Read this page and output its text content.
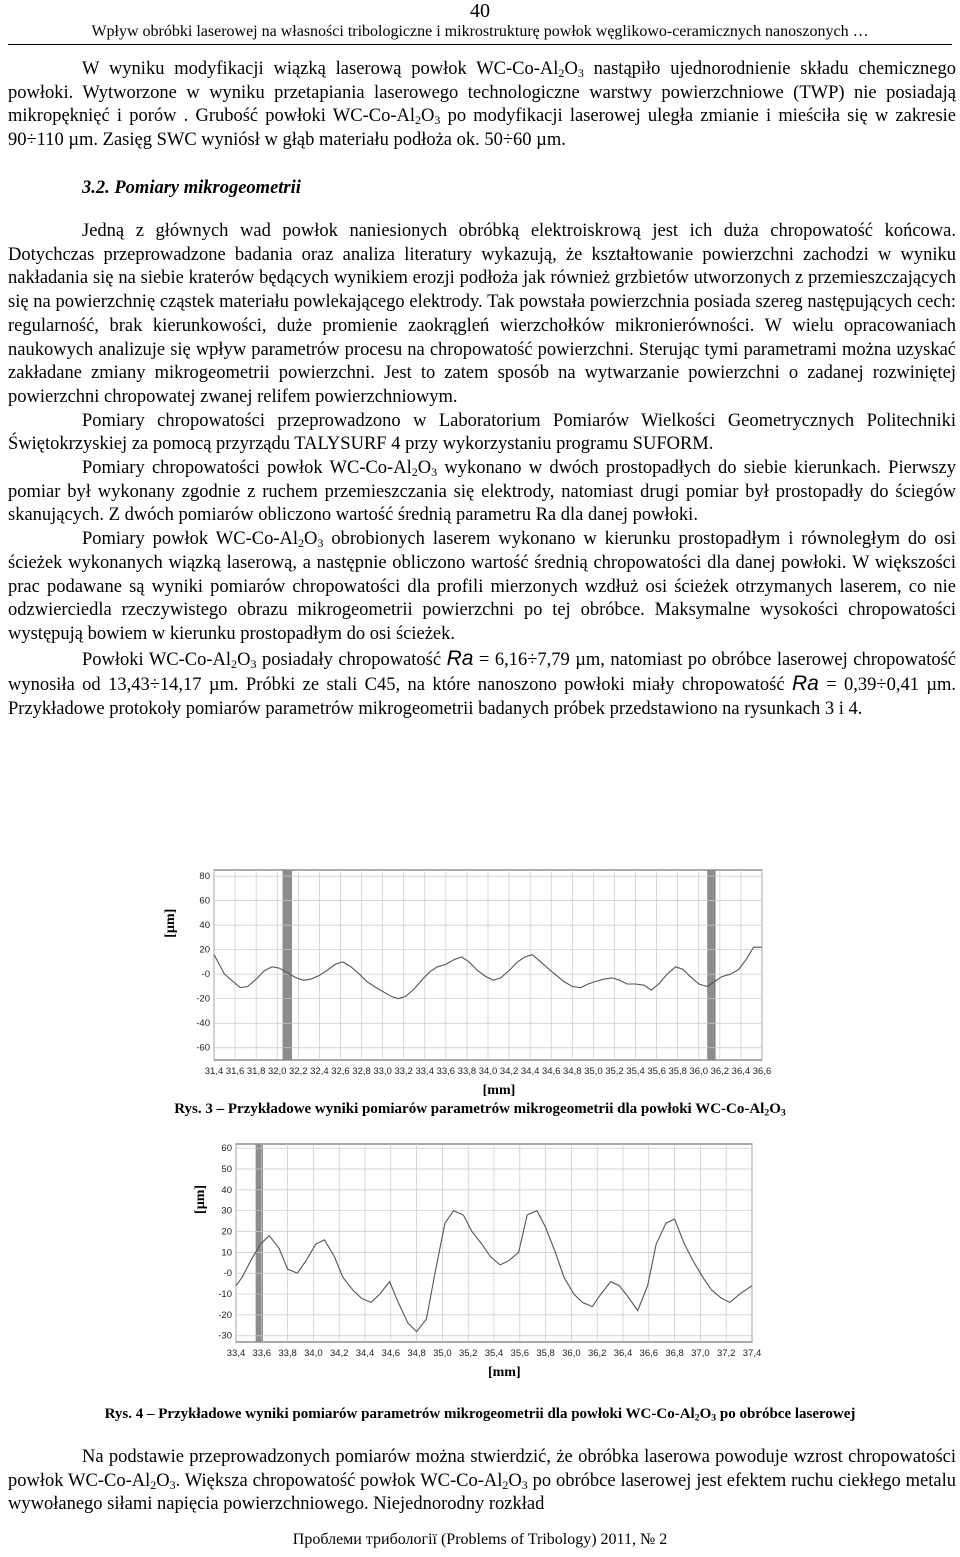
40
Wpływ obróbki laserowej na własności tribologiczne i mikrostrukturę powłok węglikowo-ceramicznych nanoszonych …

W wyniku modyfikacji wiązką laserową powłok $WC-Co-Al_2O_3$ nastąpiło ujednorodnienie składu chemicznego powłoki. Wytworzone w wyniku przetapiania laserowego technologiczne warstwy powierzchniowe (TWP) nie posiadają mikropęknięć i porów . Grubość powłoki $WC-Co-Al_2O_3$ po modyfikacji laserowej uległa zmianie i mieściła się w zakresie 90÷110 µm. Zasięg SWC wyniósł w głąb materiału podłoża ok. 50÷60 µm.

3.2. Pomiary mikrogeometrii

Jedną z głównych wad powłok naniesionych obróbką elektroiskrową jest ich duża chropowatość końcowa. Dotychczas przeprowadzone badania oraz analiza literatury wykazują, że kształtowanie powierzchni zachodzi w wyniku nakładania się na siebie kraterów będących wynikiem erozji podłoża jak również grzbietów utworzonych z przemieszczających się na powierzchnię cząstek materiału powlekającego elektrody. Tak powstała powierzchnia posiada szereg następujących cech: regularność, brak kierunkowości, duże promienie zaokrągleń wierzchołków mikronierówności. W wielu opracowaniach naukowych analizuje się wpływ parametrów procesu na chropowatość powierzchni. Sterując tymi parametrami można uzyskać zakładane zmiany mikrogeometrii powierzchni. Jest to zatem sposób na wytwarzanie powierzchni o zadanej rozwiniętej powierzchni chropowatej zwanej relifem powierzchniowym.

Pomiary chropowatości przeprowadzono w Laboratorium Pomiarów Wielkości Geometrycznych Politechniki Świętokrzyskiej za pomocą przyrządu TALYSURF 4 przy wykorzystaniu programu SUFORM.

Pomiary chropowatości powłok $WC-Co-Al_2O_3$ wykonano w dwóch prostopadłych do siebie kierunkach. Pierwszy pomiar był wykonany zgodnie z ruchem przemieszczania się elektrody, natomiast drugi pomiar był prostopadły do ściegów skanujących. Z dwóch pomiarów obliczono wartość średnią parametru Ra dla danej powłoki.

Pomiary powłok $WC-Co-Al_2O_3$ obrobionych laserem wykonano w kierunku prostopadłym i równoległym do osi ścieżek wykonanych wiązką laserową, a następnie obliczono wartość średnią chropowatości dla danej powłoki. W większości prac podawane są wyniki pomiarów chropowatości dla profili mierzonych wzdłuż osi ścieżek otrzymanych laserem, co nie odzwierciedla rzeczywistego obrazu mikrogeometrii powierzchni po tej obróbce. Maksymalne wysokości chropowatości występują bowiem w kierunku prostopadłym do osi ścieżek.

Powłoki $WC-Co-Al_2O_3$ posiadały chropowatość Ra = 6,16÷7,79 µm, natomiast po obróbce laserowej chropowatość wynosiła od 13,43÷14,17 µm. Próbki ze stali C45, na które nanoszono powłoki miały chropowatość Ra = 0,39÷0,41 µm. Przykładowe protokoły pomiarów parametrów mikrogeometrii badanych próbek przedstawiono na rysunkach 3 i 4.

31,4 31,6 31,8 32,0 32,2 32,4 32,6 32,8 33,0 33,2 33,4 33,6 33,8 34,0 34,2 34,4 34,6 34,8 35,0 35,2 35,4 35,6 35,8 36,0 36,2 36,4 36,6
80
60
40
20
-0
-20
-40
-60
[µm]
[mm]
Rys. 3 – Przykładowe wyniki pomiarów parametrów mikrogeometrii dla powłoki $WC-Co-Al_2O_3$
33,4 33,6 33,8 34,0 34,2 34,4 34,6 34,8 35,0 35,2 35,4 35,6 35,8 36,0 36,2 36,4 36,6 36,8 37,0 37,2 37,4
60
50
40
30
20
10
-0
-10
-20
-30
[µm]
[mm]
Rys. 4 – Przykładowe wyniki pomiarów parametrów mikrogeometrii dla powłoki $WC-Co-Al_2O_3$ po obróbce laserowej

Na podstawie przeprowadzonych pomiarów można stwierdzić, że obróbka laserowa powoduje wzrost chropowatości powłok $WC-Co-Al_2O_3$. Większa chropowatość powłok $WC-Co-Al_2O_3$ po obróbce laserowej jest efektem ruchu ciekłego metalu wywołanego siłami napięcia powierzchniowego. Niejednorodny rozkład

Проблеми трибології (Problems of Tribology) 2011, № 2
